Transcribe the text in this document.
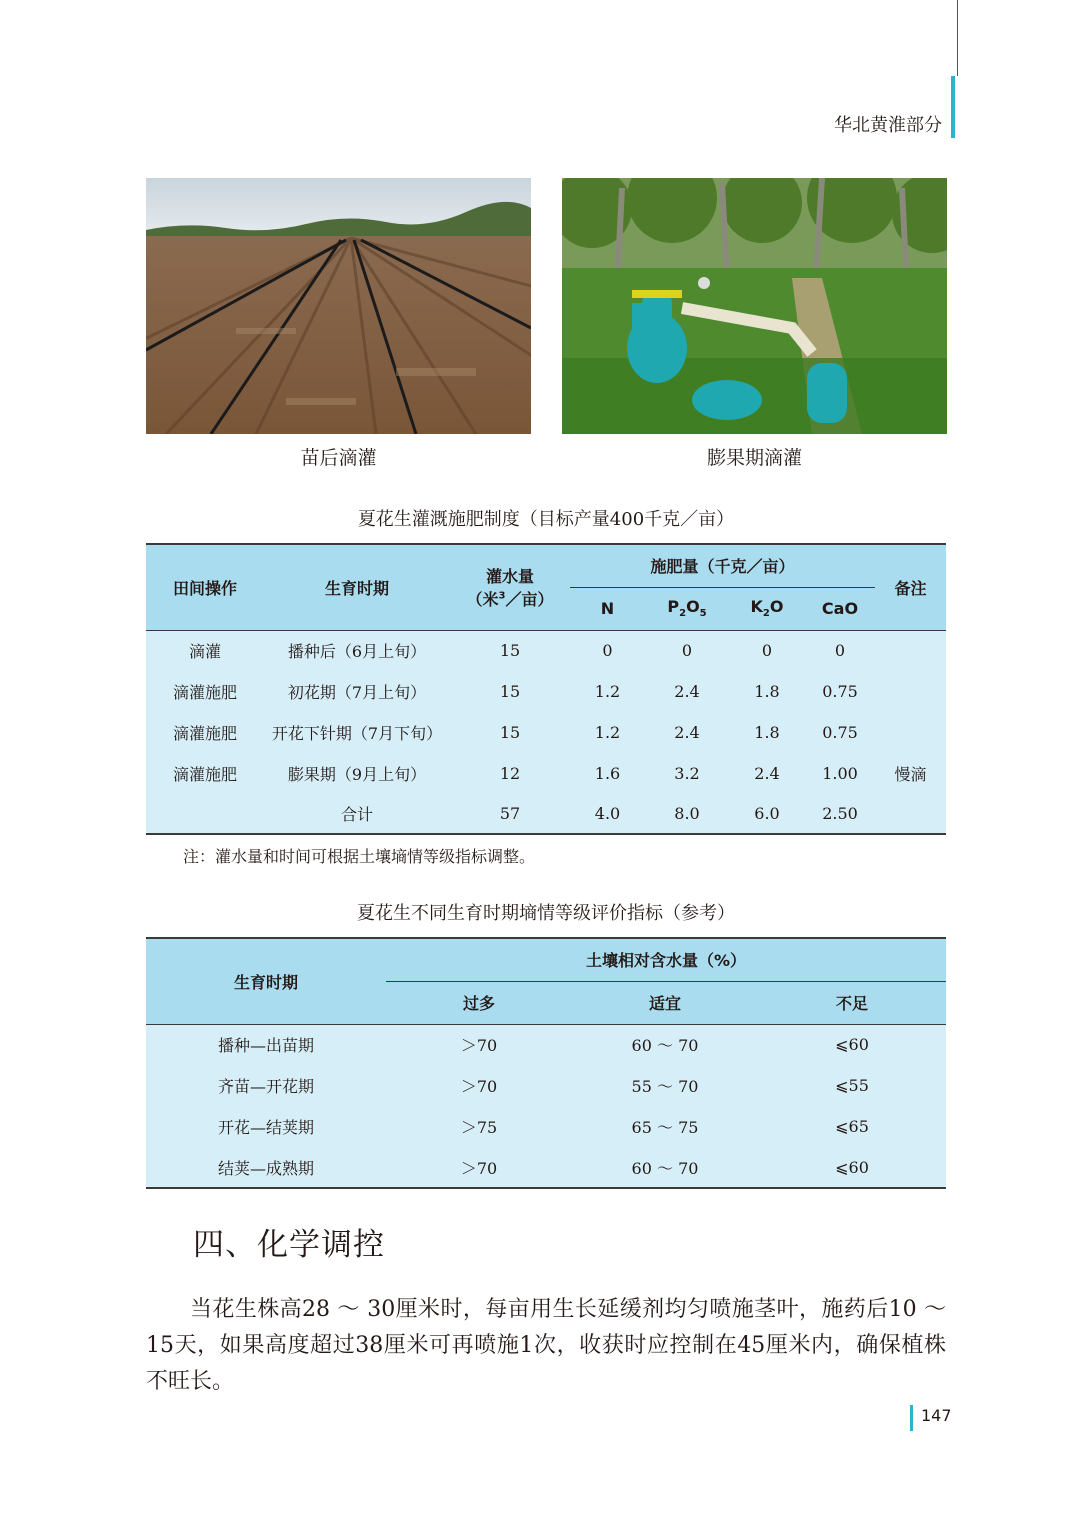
华北黄淮部分
苗后滴灌	膨果期滴灌
夏花生灌溉施肥制度（目标产量400千克／亩）
田间操作	生育时期	灌水量
（米$^3$／亩）	施肥量（千克／亩）				备注
			N	$P_2O_5$	$K_2O$	CaO	
滴灌	播种后（6月上旬）	15	0	0	0	0	
滴灌施肥	初花期（7月上旬）	15	1.2	2.4	1.8	0.75	
滴灌施肥	开花下针期（7月下旬）	15	1.2	2.4	1.8	0.75	
滴灌施肥	膨果期（9月上旬）	12	1.6	3.2	2.4	1.00	慢滴
	合计	57	4.0	8.0	6.0	2.50	
注：灌水量和时间可根据土壤墒情等级指标调整。
夏花生不同生育时期墒情等级评价指标（参考）
生育时期	土壤相对含水量（%）		
	过多	适宜	不足
播种—出苗期	＞70	60 ～ 70	⩽60
齐苗—开花期	＞70	55 ～ 70	⩽55
开花—结荚期	＞75	65 ～ 75	⩽65
结荚—成熟期	＞70	60 ～ 70	⩽60
四、化学调控

当花生株高28 ～ 30厘米时，每亩用生长延缓剂均匀喷施茎叶，施药后10 ～ 15天，如果高度超过38厘米可再喷施1次，收获时应控制在45厘米内，确保植株不旺长。

147
